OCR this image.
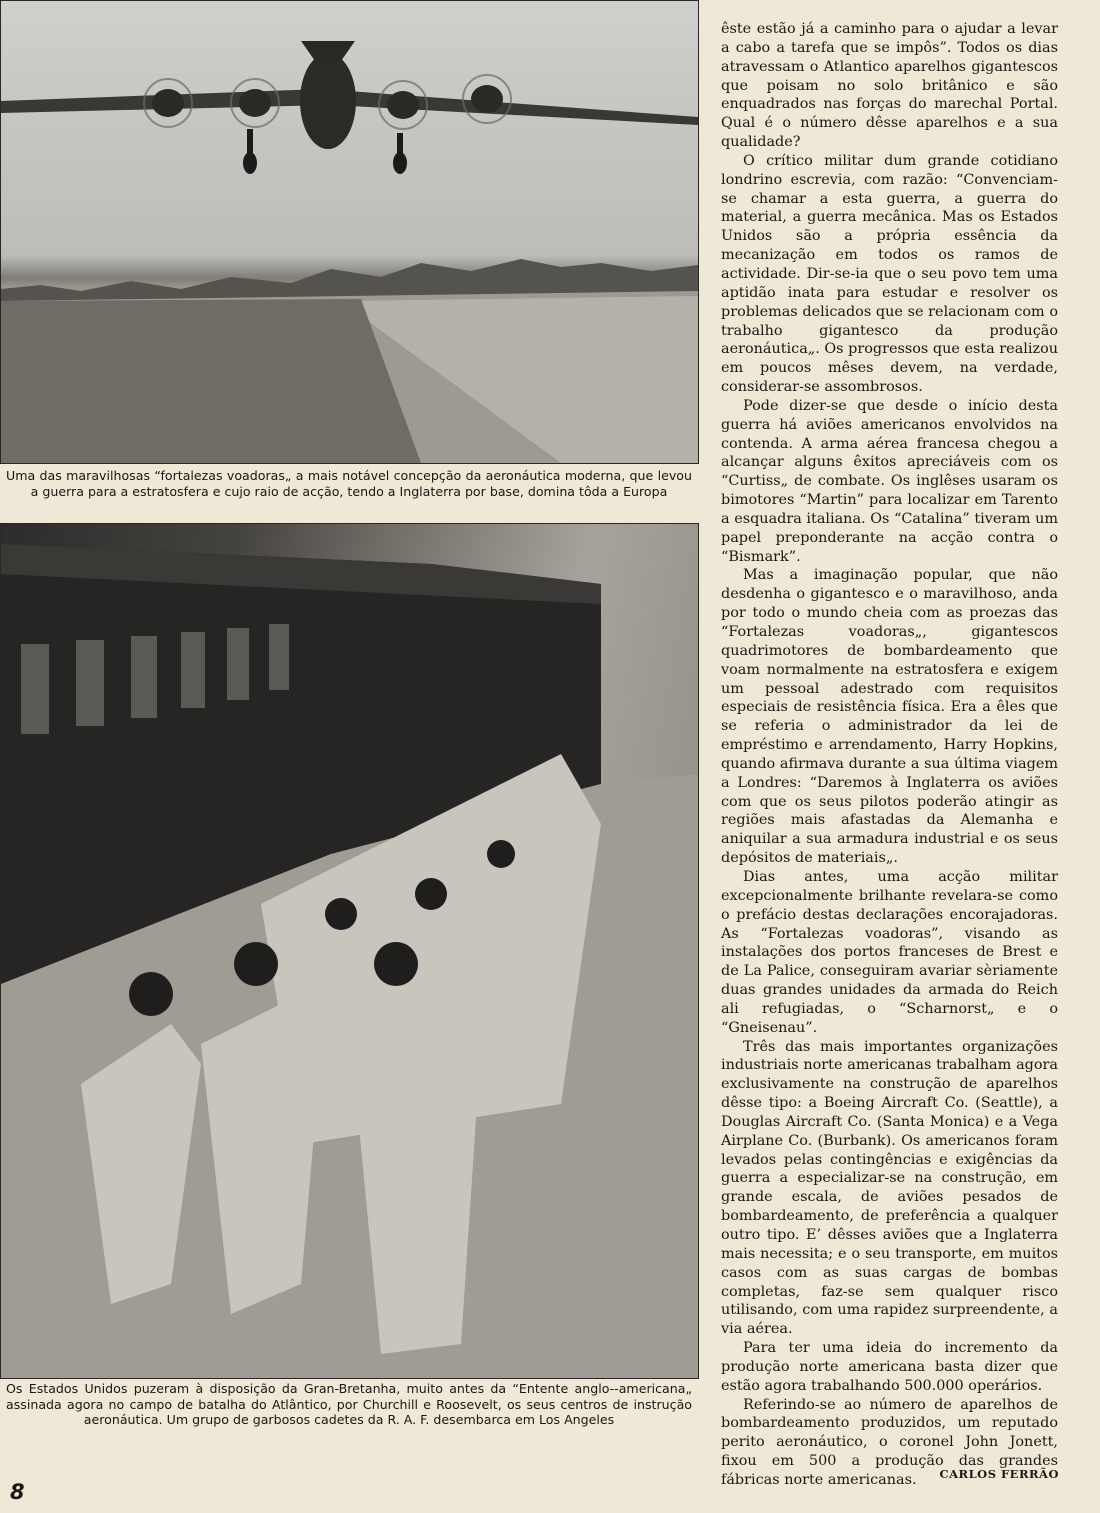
Uma das maravilhosas “fortalezas voadoras„ a mais notável concepção da aeronáutica moderna, que levou a guerra para a estratosfera e cujo raio de acção, tendo a Inglaterra por base, domina tôda a Europa
Os Estados Unidos puzeram à disposição da Gran-Bretanha, muito antes da “Entente anglo--americana„ assinada agora no campo de batalha do Atlântico, por Churchill e Roosevelt, os seus centros de instrução aeronáutica. Um grupo de garbosos cadetes da R. A. F. desembarca em Los Angeles

êste estão já a caminho para o ajudar a levar a cabo a tarefa que se impôs”. Todos os dias atravessam o Atlantico aparelhos gigantescos que poisam no solo britânico e são enquadrados nas forças do marechal Portal. Qual é o número dêsse aparelhos e a sua qualidade?

O crítico militar dum grande cotidiano londrino escrevia, com razão: “Convenciam-se chamar a esta guerra, a guerra do material, a guerra mecânica. Mas os Estados Unidos são a própria essência da mecanização em todos os ramos de actividade. Dir-se-ia que o seu povo tem uma aptidão inata para estudar e resolver os problemas delicados que se relacionam com o trabalho gigantesco da produção aeronáutica„. Os progressos que esta realizou em poucos mêses devem, na verdade, considerar-se assombrosos.

Pode dizer-se que desde o início desta guerra há aviões americanos envolvidos na contenda. A arma aérea francesa chegou a alcançar alguns êxitos apreciáveis com os “Curtiss„ de combate. Os inglêses usaram os bimotores “Martin” para localizar em Tarento a esquadra italiana. Os “Catalina” tiveram um papel preponderante na acção contra o “Bismark”.

Mas a imaginação popular, que não desdenha o gigantesco e o maravilhoso, anda por todo o mundo cheia com as proezas das “Fortalezas voadoras„, gigantescos quadrimotores de bombardeamento que voam normalmente na estratosfera e exigem um pessoal adestrado com requisitos especiais de resistência física. Era a êles que se referia o administrador da lei de empréstimo e arrendamento, Harry Hopkins, quando afirmava durante a sua última viagem a Londres: “Daremos à Inglaterra os aviões com que os seus pilotos poderão atingir as regiões mais afastadas da Alemanha e aniquilar a sua armadura industrial e os seus depósitos de materiais„.

Dias antes, uma acção militar excepcionalmente brilhante revelara-se como o prefácio destas declarações encorajadoras. As “Fortalezas voadoras”, visando as instalações dos portos franceses de Brest e de La Palice, conseguiram avariar sèriamente duas grandes unidades da armada do Reich ali refugiadas, o “Scharnorst„ e o “Gneisenau”.

Três das mais importantes organizações industriais norte americanas trabalham agora exclusivamente na construção de aparelhos dêsse tipo: a Boeing Aircraft Co. (Seattle), a Douglas Aircraft Co. (Santa Monica) e a Vega Airplane Co. (Burbank). Os americanos foram levados pelas contingências e exigências da guerra a especializar-se na construção, em grande escala, de aviões pesados de bombardeamento, de preferência a qualquer outro tipo. E’ dêsses aviões que a Inglaterra mais necessita; e o seu transporte, em muitos casos com as suas cargas de bombas completas, faz-se sem qualquer risco utilisando, com uma rapidez surpreendente, a via aérea.

Para ter uma ideia do incremento da produção norte americana basta dizer que estão agora trabalhando 500.000 operários.

Referindo-se ao número de aparelhos de bombardeamento produzidos, um reputado perito aeronáutico, o coronel John Jonett, fixou em 500 a produção das grandes fábricas norte americanas.	CARLOS FERRÃO
8
